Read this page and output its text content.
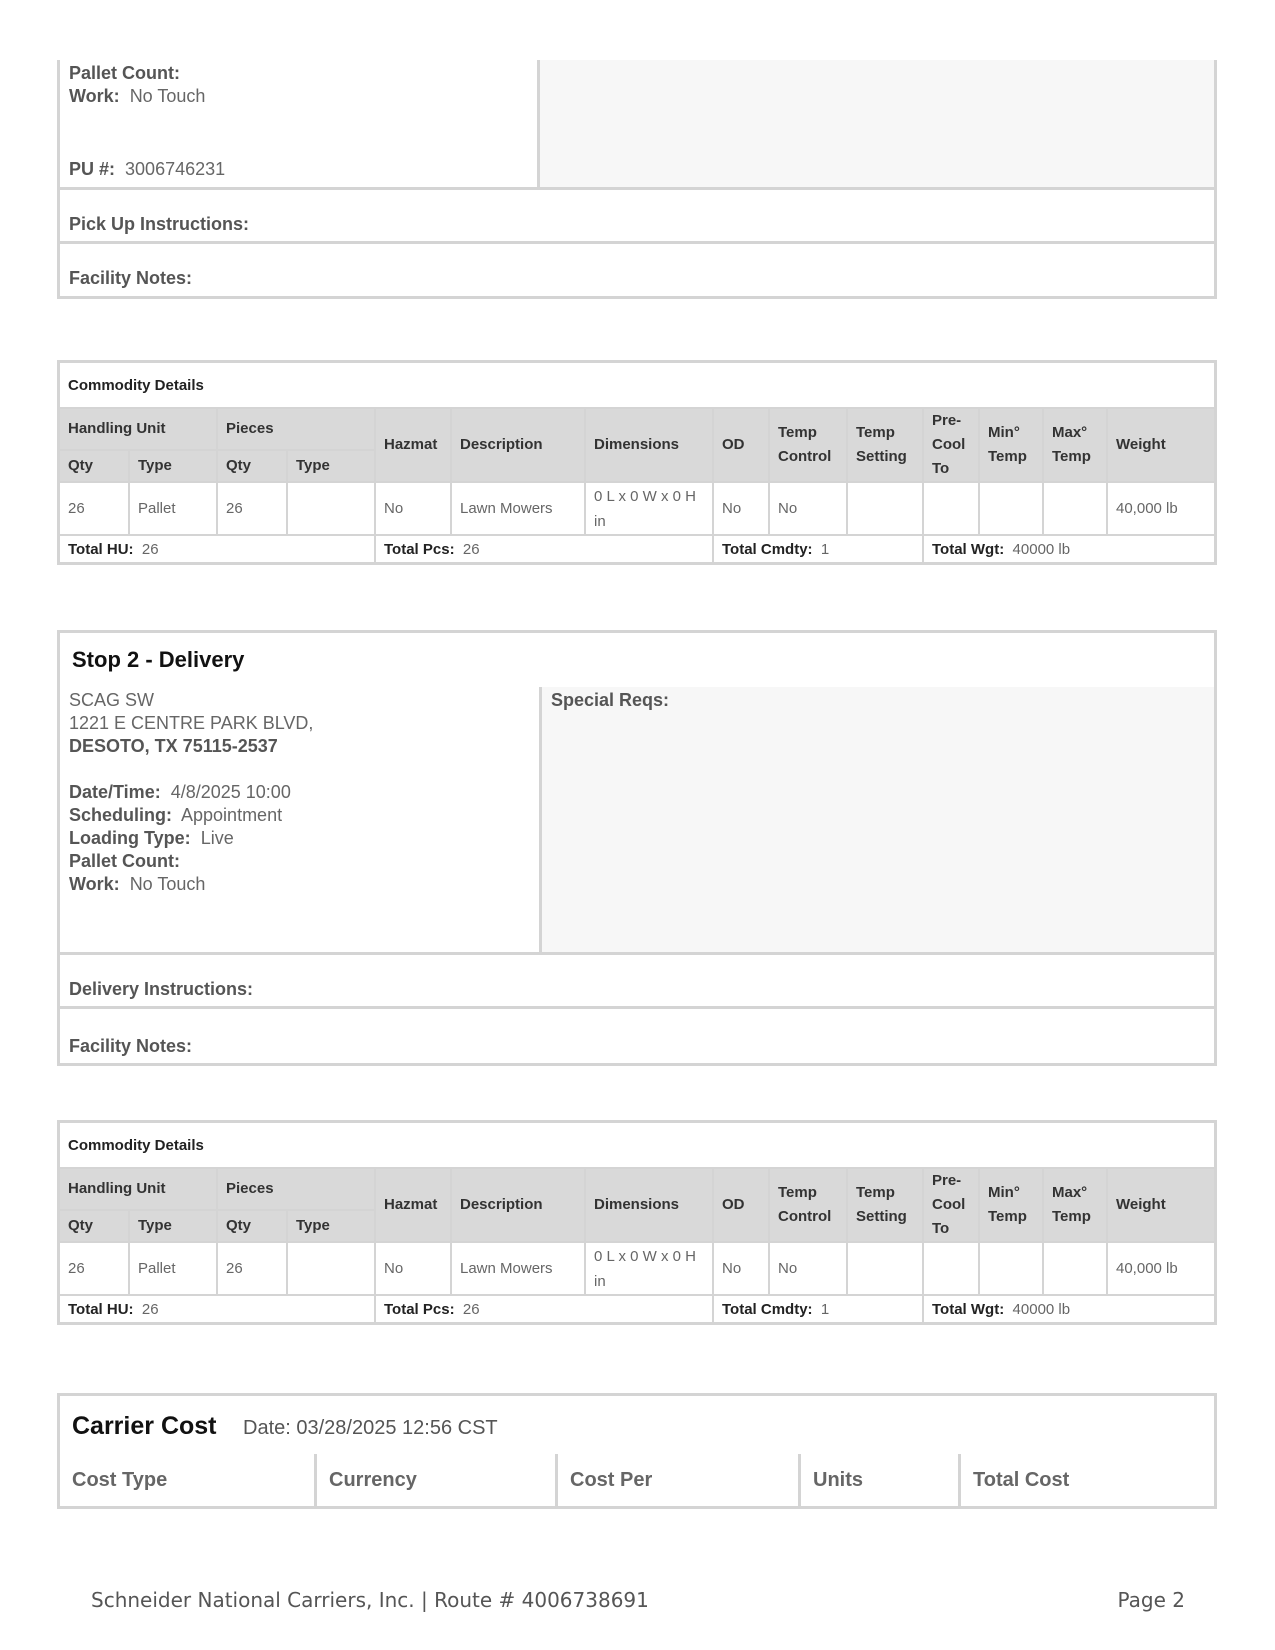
Pallet Count:
Work: No Touch
PU #: 3006746231
Pick Up Instructions:
Facility Notes:
Commodity Details													
Handling Unit		Pieces		Hazmat	Description	Dimensions	OD	Temp Control	Temp Setting	Pre-Cool To	Min° Temp	Max° Temp	Weight
Qty	Type	Qty	Type										
26	Pallet	26		No	Lawn Mowers	0 L x 0 W x 0 H in	No	No					40,000 lb
Total HU: 26				Total Pcs: 26			Total Cmdty: 1			Total Wgt: 40000 lb			
Stop 2 - Delivery
SCAG SW
1221 E CENTRE PARK BLVD,
DESOTO, TX 75115-2537
Date/Time: 4/8/2025 10:00
Scheduling: Appointment
Loading Type: Live
Pallet Count:
Work: No Touch
Special Reqs:
Delivery Instructions:
Facility Notes:
Commodity Details													
Handling Unit		Pieces		Hazmat	Description	Dimensions	OD	Temp Control	Temp Setting	Pre-Cool To	Min° Temp	Max° Temp	Weight
Qty	Type	Qty	Type										
26	Pallet	26		No	Lawn Mowers	0 L x 0 W x 0 H in	No	No					40,000 lb
Total HU: 26				Total Pcs: 26			Total Cmdty: 1			Total Wgt: 40000 lb			
Carrier Cost Date: 03/28/2025 12:56 CST
Cost Type	Currency	Cost Per	Units	Total Cost
Schneider National Carriers, Inc. | Route # 4006738691	Page 2
